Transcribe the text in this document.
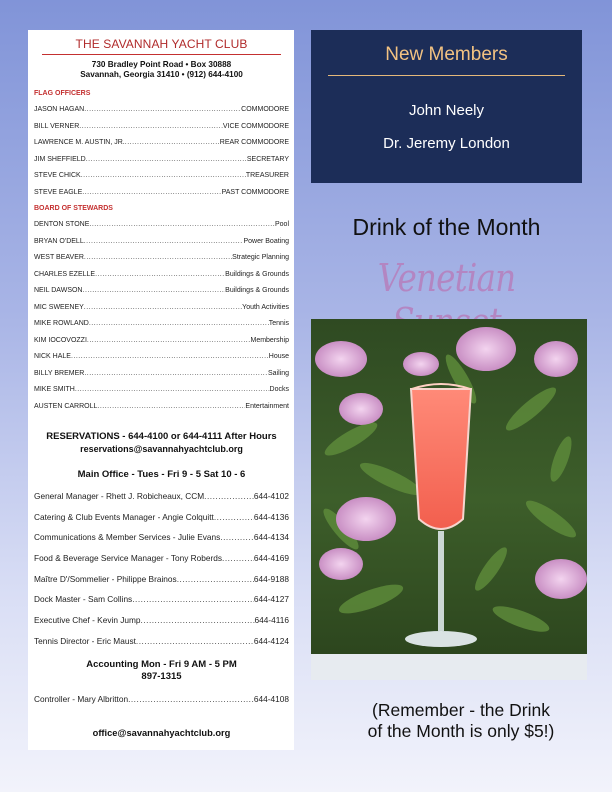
THE SAVANNAH YACHT CLUB
730 Bradley Point Road • Box 30888
Savannah, Georgia 31410 • (912) 644-4100
FLAG OFFICERS
JASON HAGAN .....	COMMODORE
BILL VERNER .....	VICE COMMODORE
LAWRENCE M. AUSTIN, JR. .....	REAR COMMODORE
JIM SHEFFIELD .....	SECRETARY
STEVE CHICK .....	TREASURER
STEVE EAGLE .....	PAST COMMODORE
BOARD OF STEWARDS
DENTON STONE .....	Pool
BRYAN O'DELL .....	Power Boating
WEST BEAVER .....	Strategic Planning
CHARLES EZELLE .....	Buildings & Grounds
NEIL DAWSON .....	Buildings & Grounds
MIC SWEENEY .....	Youth Activities
MIKE ROWLAND .....	Tennis
KIM IOCOVOZZI .....	Membership
NICK HALE .....	House
BILLY BREMER .....	Sailing
MIKE SMITH .....	Docks
AUSTEN CARROLL .....	Entertainment
RESERVATIONS - 644-4100 or 644-4111 After Hours
reservations@savannahyachtclub.org
Main Office - Tues - Fri 9 - 5 Sat 10 - 6
General Manager - Rhett J. Robicheaux, CCM .....	644-4102
Catering & Club Events Manager - Angie Colquitt .....	644-4136
Communications & Member Services - Julie Evans .....	644-4134
Food & Beverage Service Manager - Tony Roberds .....	644-4169
Maître D'/Sommelier - Philippe Brainos .....	644-9188
Dock Master - Sam Collins .....	644-4127
Executive Chef - Kevin Jump .....	644-4116
Tennis Director - Eric Maust .....	644-4124
Accounting Mon - Fri 9 AM - 5 PM
897-1315
Controller - Mary Albritton .....	644-4108
office@savannahyachtclub.org
New Members
John Neely
Dr. Jeremy London
Drink of the Month
Venetian
(Remember - the Drink
of the Month is only $5!)
